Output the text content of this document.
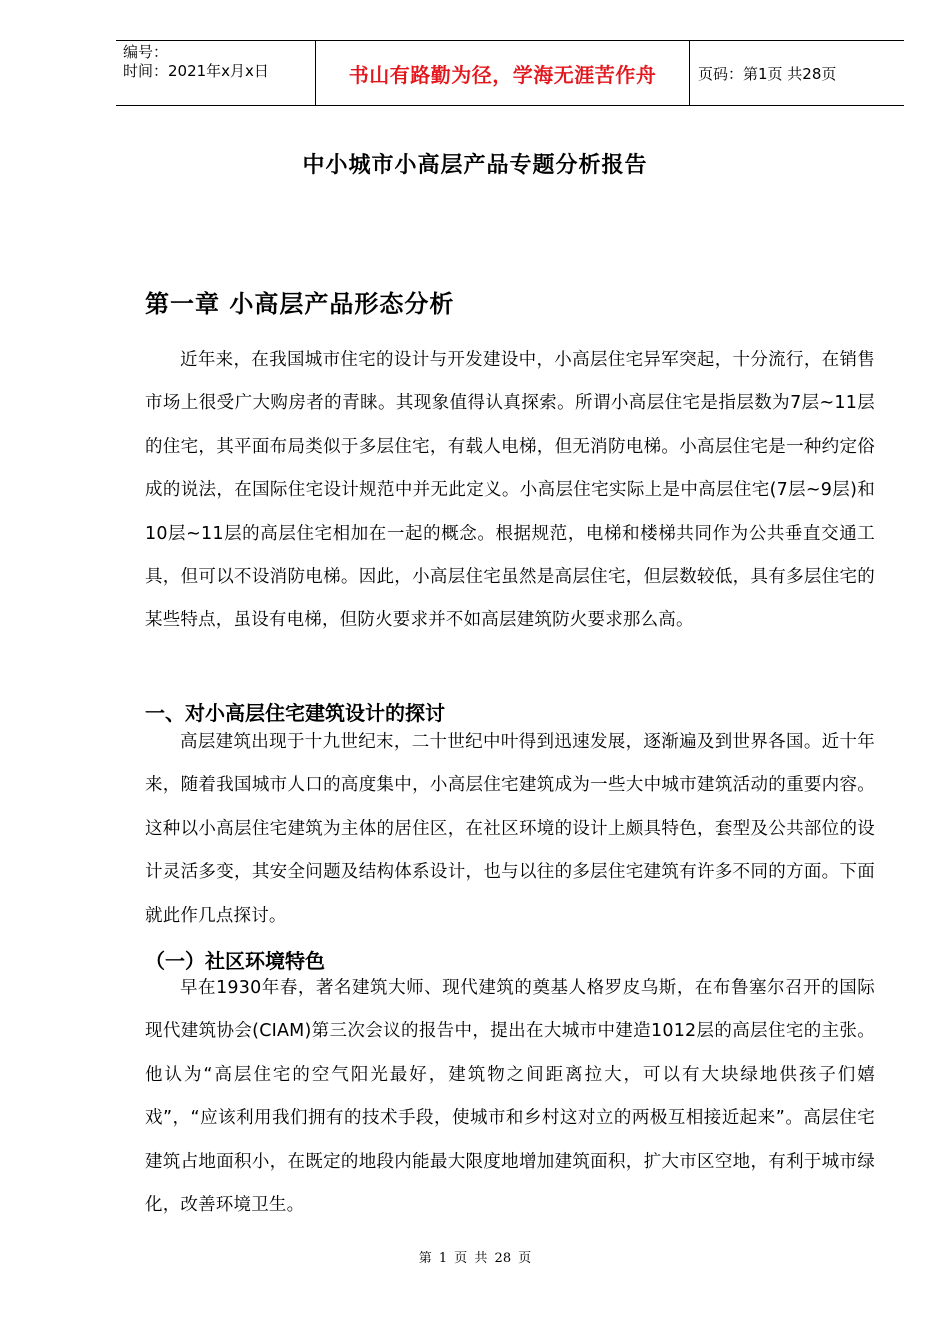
编号：
时间：2021年x月x日	书山有路勤为径，学海无涯苦作舟	页码：第1页 共28页
中小城市小高层产品专题分析报告
第一章 小高层产品形态分析

近年来，在我国城市住宅的设计与开发建设中，小高层住宅异军突起，十分流行，在销售市场上很受广大购房者的青睐。其现象值得认真探索。所谓小高层住宅是指层数为7层~11层的住宅，其平面布局类似于多层住宅，有载人电梯，但无消防电梯。小高层住宅是一种约定俗成的说法，在国际住宅设计规范中并无此定义。小高层住宅实际上是中高层住宅(7层~9层)和10层~11层的高层住宅相加在一起的概念。根据规范，电梯和楼梯共同作为公共垂直交通工具，但可以不设消防电梯。因此，小高层住宅虽然是高层住宅，但层数较低，具有多层住宅的某些特点，虽设有电梯，但防火要求并不如高层建筑防火要求那么高。

一、对小高层住宅建筑设计的探讨

高层建筑出现于十九世纪末，二十世纪中叶得到迅速发展，逐渐遍及到世界各国。近十年来，随着我国城市人口的高度集中，小高层住宅建筑成为一些大中城市建筑活动的重要内容。这种以小高层住宅建筑为主体的居住区，在社区环境的设计上颇具特色，套型及公共部位的设计灵活多变，其安全问题及结构体系设计，也与以往的多层住宅建筑有许多不同的方面。下面就此作几点探讨。

（一）社区环境特色

早在1930年春，著名建筑大师、现代建筑的奠基人格罗皮乌斯，在布鲁塞尔召开的国际现代建筑协会(CIAM)第三次会议的报告中，提出在大城市中建造1012层的高层住宅的主张。他认为“高层住宅的空气阳光最好，建筑物之间距离拉大，可以有大块绿地供孩子们嬉戏”，“应该利用我们拥有的技术手段，使城市和乡村这对立的两极互相接近起来”。高层住宅建筑占地面积小，在既定的地段内能最大限度地增加建筑面积，扩大市区空地，有利于城市绿化，改善环境卫生。

第 1 页 共 28 页
